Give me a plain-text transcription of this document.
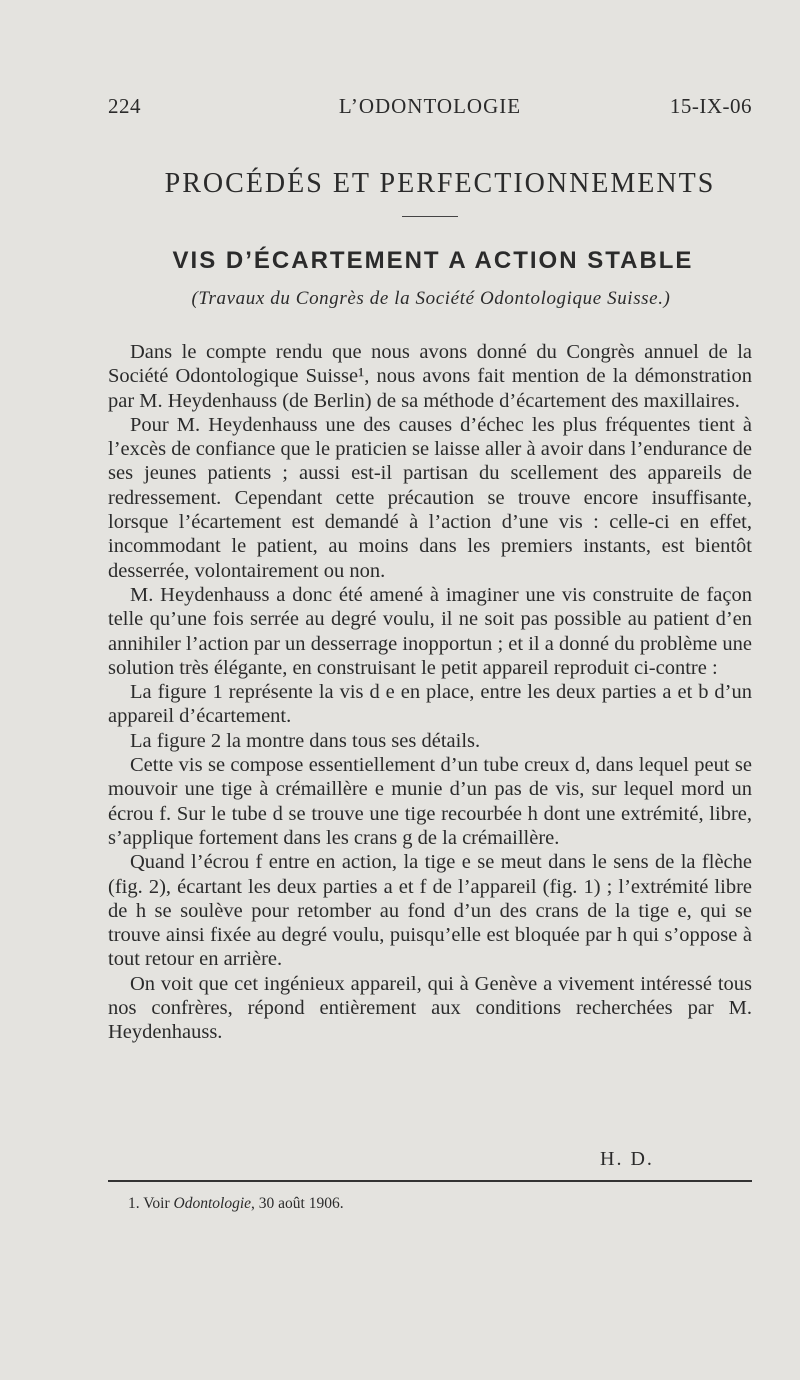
224	L’ODONTOLOGIE	15-IX-06
PROCÉDÉS ET PERFECTIONNEMENTS
VIS D’ÉCARTEMENT A ACTION STABLE
(Travaux du Congrès de la Société Odontologique Suisse.)

Dans le compte rendu que nous avons donné du Congrès annuel de la Société Odontologique Suisse¹, nous avons fait mention de la démonstration par M. Heydenhauss (de Berlin) de sa méthode d’écartement des maxillaires.

Pour M. Heydenhauss une des causes d’échec les plus fréquentes tient à l’excès de confiance que le praticien se laisse aller à avoir dans l’endurance de ses jeunes patients ; aussi est-il partisan du scellement des appareils de redressement. Cependant cette précaution se trouve encore insuffisante, lorsque l’écartement est demandé à l’action d’une vis : celle-ci en effet, incommodant le patient, au moins dans les premiers instants, est bientôt desserrée, volontairement ou non.

M. Heydenhauss a donc été amené à imaginer une vis construite de façon telle qu’une fois serrée au degré voulu, il ne soit pas possible au patient d’en annihiler l’action par un desserrage inopportun ; et il a donné du problème une solution très élégante, en construisant le petit appareil reproduit ci-contre :

La figure 1 représente la vis d e en place, entre les deux parties a et b d’un appareil d’écartement.

La figure 2 la montre dans tous ses détails.

Cette vis se compose essentiellement d’un tube creux d, dans lequel peut se mouvoir une tige à crémaillère e munie d’un pas de vis, sur lequel mord un écrou f. Sur le tube d se trouve une tige recourbée h dont une extrémité, libre, s’applique fortement dans les crans g de la crémaillère.

Quand l’écrou f entre en action, la tige e se meut dans le sens de la flèche (fig. 2), écartant les deux parties a et f de l’appareil (fig. 1) ; l’extrémité libre de h se soulève pour retomber au fond d’un des crans de la tige e, qui se trouve ainsi fixée au degré voulu, puisqu’elle est bloquée par h qui s’oppose à tout retour en arrière.

On voit que cet ingénieux appareil, qui à Genève a vivement intéressé tous nos confrères, répond entièrement aux conditions recherchées par M. Heydenhauss.

H. D.
1. Voir Odontologie, 30 août 1906.
